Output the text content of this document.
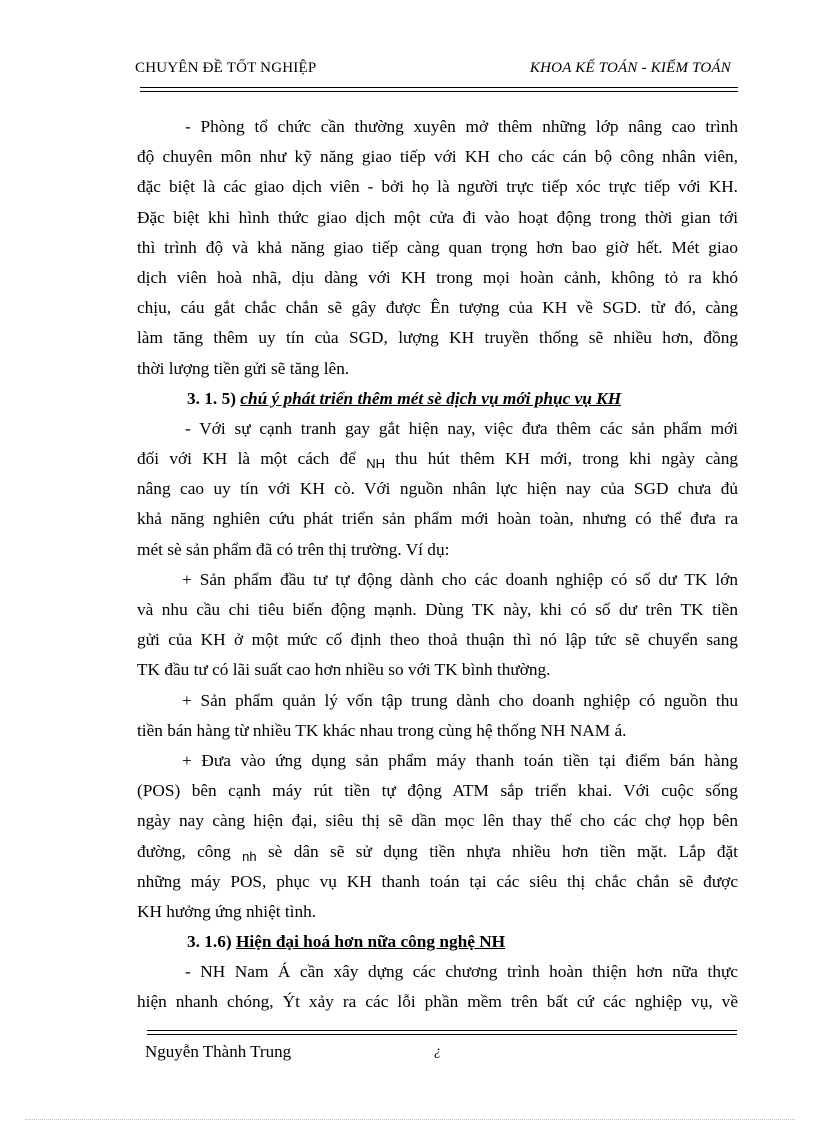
CHUYÊN ĐỀ TỐT NGHIỆP	KHOA KẾ TOÁN - KIỂM TOÁN
- Phòng tổ chức cần thường xuyên mở thêm những lớp nâng cao trình
độ chuyên môn như kỹ năng giao tiếp với KH cho các cán bộ công nhân viên,
đặc biệt là các giao dịch viên - bởi họ là người trực tiếp xóc trực tiếp với KH.
Đặc biệt khi hình thức giao dịch một cửa đi vào hoạt động trong thời gian tới
thì trình độ và khả năng giao tiếp càng quan trọng hơn bao giờ hết. Mét giao
dịch viên hoà nhã, dịu dàng với KH trong mọi hoàn cảnh, không tỏ ra khó
chịu, cáu gắt chắc chắn sẽ gây được Ên tượng của KH về SGD. từ đó, càng
làm tăng thêm uy tín của SGD, lượng KH truyền thống sẽ nhiều hơn, đồng
thời lượng tiền gửi sẽ tăng lên.
3. 1. 5) chú ý phát triển thêm mét sè dịch vụ mới phục vụ KH
- Với sự cạnh tranh gay gắt hiện nay, việc đưa thêm các sản phẩm mới
đối với KH là một cách để $_{NH}$ thu hút thêm KH mới, trong khi ngày càng
nâng cao uy tín với KH cò. Với nguồn nhân lực hiện nay của SGD chưa đủ
khả năng nghiên cứu phát triển sản phẩm mới hoàn toàn, nhưng có thể đưa ra
mét sè sản phẩm đã có trên thị trường. Ví dụ:
+ Sản phẩm đầu tư tự động dành cho các doanh nghiệp có số dư TK lớn
và nhu cầu chi tiêu biến động mạnh. Dùng TK này, khi có số dư trên TK tiền
gửi của KH ở một mức cố định theo thoả thuận thì nó lập tức sẽ chuyển sang
TK đầu tư có lãi suất cao hơn nhiều so với TK bình thường.
+ Sản phẩm quản lý vốn tập trung dành cho doanh nghiệp có nguồn thu
tiền bán hàng từ nhiều TK khác nhau trong cùng hệ thống NH NAM á.
+ Đưa vào ứng dụng sản phẩm máy thanh toán tiền tại điểm bán hàng
(POS) bên cạnh máy rút tiền tự động ATM sắp triển khai. Với cuộc sống
ngày nay càng hiện đại, siêu thị sẽ dần mọc lên thay thế cho các chợ họp bên
đường, công $_{nh}$ sè dân sẽ sử dụng tiền nhựa nhiều hơn tiền mặt. Lắp đặt
những máy POS, phục vụ KH thanh toán tại các siêu thị chắc chắn sẽ được
KH hưởng ứng nhiệt tình.
3. 1.6) Hiện đại hoá hơn nữa công nghệ NH
- NH Nam Á cần xây dựng các chương trình hoàn thiện hơn nữa thực
hiện nhanh chóng, Ýt xảy ra các lỗi phần mềm trên bất cứ các nghiệp vụ, về
Nguyễn Thành Trung	¿
